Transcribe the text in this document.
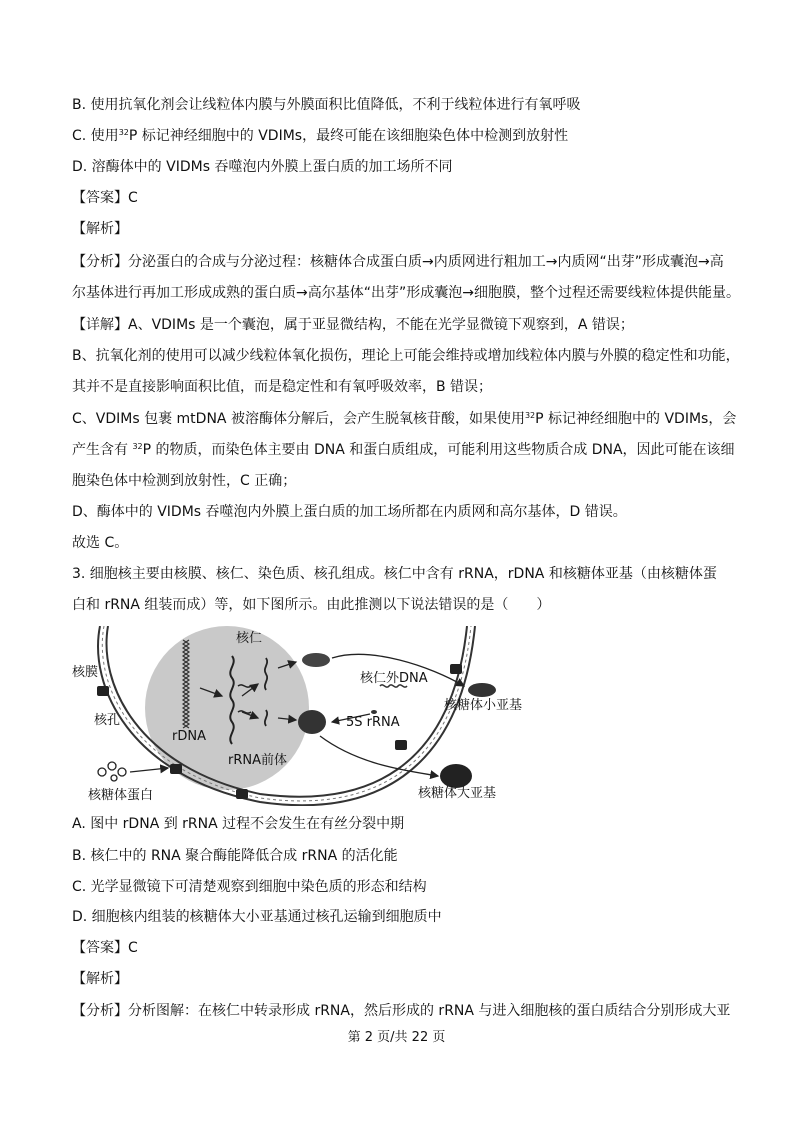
B. 使用抗氧化剂会让线粒体内膜与外膜面积比值降低，不利于线粒体进行有氧呼吸
C. 使用$^{32}$P 标记神经细胞中的 VDIMs，最终可能在该细胞染色体中检测到放射性
D. 溶酶体中的 VIDMs 吞噬泡内外膜上蛋白质的加工场所不同
【答案】C
【解析】
【分析】分泌蛋白的合成与分泌过程：核糖体合成蛋白质→内质网进行粗加工→内质网“出芽”形成囊泡→高
尔基体进行再加工形成成熟的蛋白质→高尔基体“出芽”形成囊泡→细胞膜，整个过程还需要线粒体提供能量。
【详解】A、VDIMs 是一个囊泡，属于亚显微结构，不能在光学显微镜下观察到，A 错误；
B、抗氧化剂的使用可以减少线粒体氧化损伤，理论上可能会维持或增加线粒体内膜与外膜的稳定性和功能，
其并不是直接影响面积比值，而是稳定性和有氧呼吸效率，B 错误；
C、VDIMs 包裹 mtDNA 被溶酶体分解后，会产生脱氧核苷酸，如果使用$^{32}$P 标记神经细胞中的 VDIMs，会
产生含有 $^{32}$P 的物质，而染色体主要由 DNA 和蛋白质组成，可能利用这些物质合成 DNA，因此可能在该细
胞染色体中检测到放射性，C 正确；
D、酶体中的 VIDMs 吞噬泡内外膜上蛋白质的加工场所都在内质网和高尔基体，D 错误。
故选 C。
3. 细胞核主要由核膜、核仁、染色质、核孔组成。核仁中含有 rRNA，rDNA 和核糖体亚基（由核糖体蛋
白和 rRNA 组装而成）等，如下图所示。由此推测以下说法错误的是（　　）
核仁
核膜
核孔
rDNA
rRNA前体
核仁外DNA
5S rRNA
核糖体小亚基
核糖体大亚基
核糖体蛋白
A. 图中 rDNA 到 rRNA 过程不会发生在有丝分裂中期
B. 核仁中的 RNA 聚合酶能降低合成 rRNA 的活化能
C. 光学显微镜下可清楚观察到细胞中染色质的形态和结构
D. 细胞核内组装的核糖体大小亚基通过核孔运输到细胞质中
【答案】C
【解析】
【分析】分析图解：在核仁中转录形成 rRNA，然后形成的 rRNA 与进入细胞核的蛋白质结合分别形成大亚
第 2 页/共 22 页
